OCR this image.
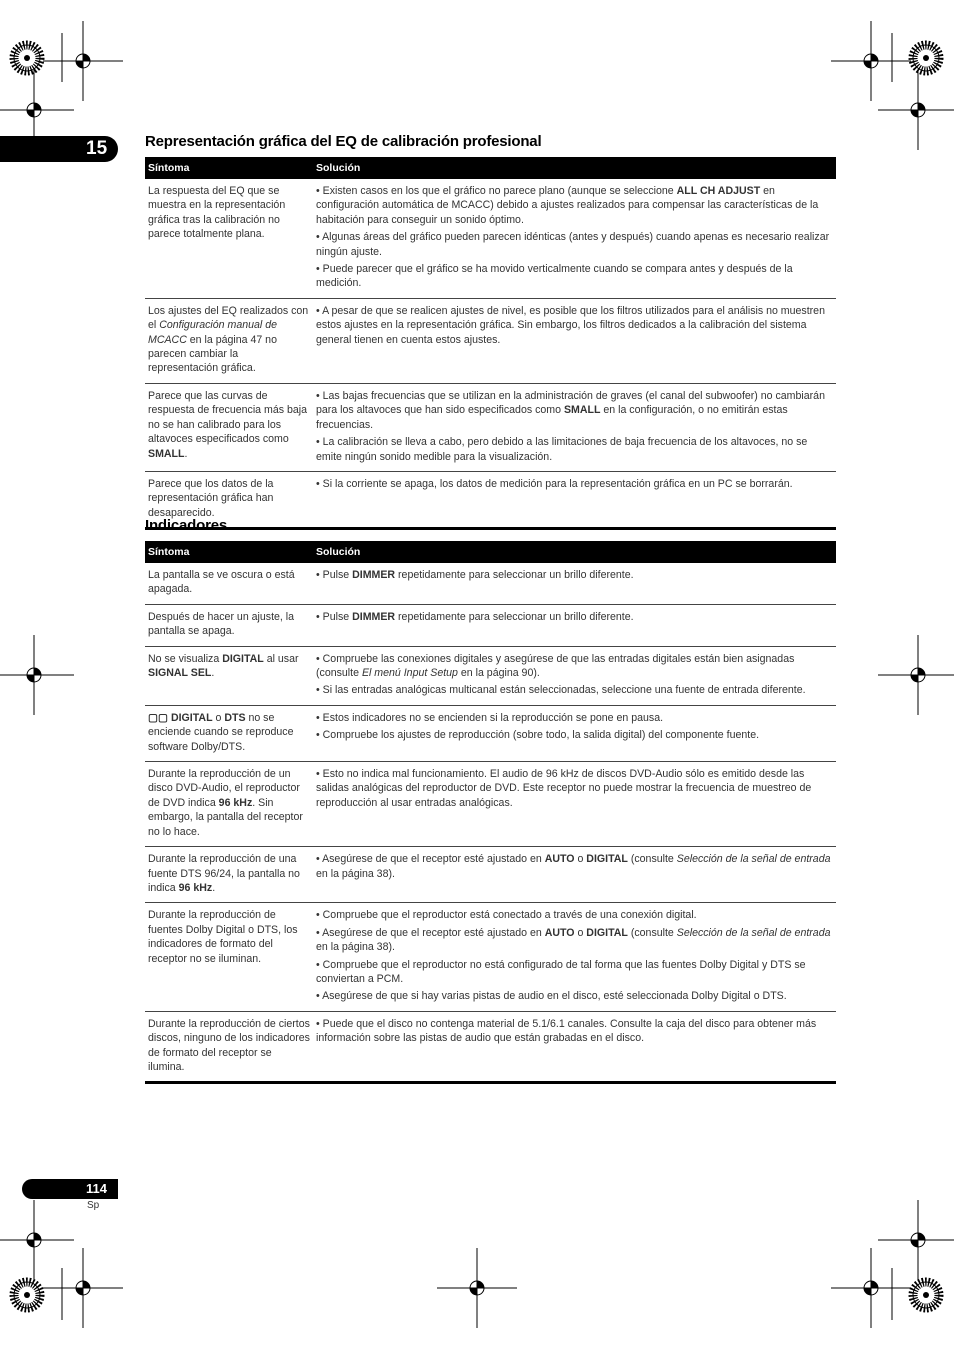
15	Representación gráfica del EQ de calibración profesional
Síntoma	Solución
La respuesta del EQ que se muestra en la representación gráfica tras la calibración no parece totalmente plana.	• Existen casos en los que el gráfico no parece plano (aunque se seleccione ALL CH ADJUST en configuración automática de MCACC) debido a ajustes realizados para compensar las características de la habitación para conseguir un sonido óptimo.

• Algunas áreas del gráfico pueden parecen idénticas (antes y después) cuando apenas es necesario realizar ningún ajuste.

• Puede parecer que el gráfico se ha movido verticalmente cuando se compara antes y después de la medición.

Los ajustes del EQ realizados con el Configuración manual de MCACC en la página 47 no parecen cambiar la representación gráfica.	• A pesar de que se realicen ajustes de nivel, es posible que los filtros utilizados para el análisis no muestren estos ajustes en la representación gráfica. Sin embargo, los filtros dedicados a la calibración del sistema general tienen en cuenta estos ajustes.

Parece que las curvas de respuesta de frecuencia más baja no se han calibrado para los altavoces especificados como SMALL.	• Las bajas frecuencias que se utilizan en la administración de graves (el canal del subwoofer) no cambiarán para los altavoces que han sido especificados como SMALL en la configuración, o no emitirán estas frecuencias.

• La calibración se lleva a cabo, pero debido a las limitaciones de baja frecuencia de los altavoces, no se emite ningún sonido medible para la visualización.

Parece que los datos de la representación gráfica han desaparecido.	• Si la corriente se apaga, los datos de medición para la representación gráfica en un PC se borrarán.

Indicadores
Síntoma	Solución
La pantalla se ve oscura o está apagada.	• Pulse DIMMER repetidamente para seleccionar un brillo diferente.

Después de hacer un ajuste, la pantalla se apaga.	• Pulse DIMMER repetidamente para seleccionar un brillo diferente.

No se visualiza DIGITAL al usar SIGNAL SEL.	• Compruebe las conexiones digitales y asegúrese de que las entradas digitales están bien asignadas (consulte El menú Input Setup en la página 90).

• Si las entradas analógicas multicanal están seleccionadas, seleccione una fuente de entrada diferente.

▢▢ DIGITAL o DTS no se enciende cuando se reproduce software Dolby/DTS.	• Estos indicadores no se encienden si la reproducción se pone en pausa.

• Compruebe los ajustes de reproducción (sobre todo, la salida digital) del componente fuente.

Durante la reproducción de un disco DVD-Audio, el reproductor de DVD indica 96 kHz. Sin embargo, la pantalla del receptor no lo hace.	• Esto no indica mal funcionamiento. El audio de 96 kHz de discos DVD-Audio sólo es emitido desde las salidas analógicas del reproductor de DVD. Este receptor no puede mostrar la frecuencia de muestreo de reproducción al usar entradas analógicas.

Durante la reproducción de una fuente DTS 96/24, la pantalla no indica 96 kHz.	• Asegúrese de que el receptor esté ajustado en AUTO o DIGITAL (consulte Selección de la señal de entrada en la página 38).

Durante la reproducción de fuentes Dolby Digital o DTS, los indicadores de formato del receptor no se iluminan.	• Compruebe que el reproductor está conectado a través de una conexión digital.

• Asegúrese de que el receptor esté ajustado en AUTO o DIGITAL (consulte Selección de la señal de entrada en la página 38).

• Compruebe que el reproductor no está configurado de tal forma que las fuentes Dolby Digital y DTS se conviertan a PCM.

• Asegúrese de que si hay varias pistas de audio en el disco, esté seleccionada Dolby Digital o DTS.

Durante la reproducción de ciertos discos, ninguno de los indicadores de formato del receptor se ilumina.	• Puede que el disco no contenga material de 5.1/6.1 canales. Consulte la caja del disco para obtener más información sobre las pistas de audio que están grabadas en el disco.

114
Sp
